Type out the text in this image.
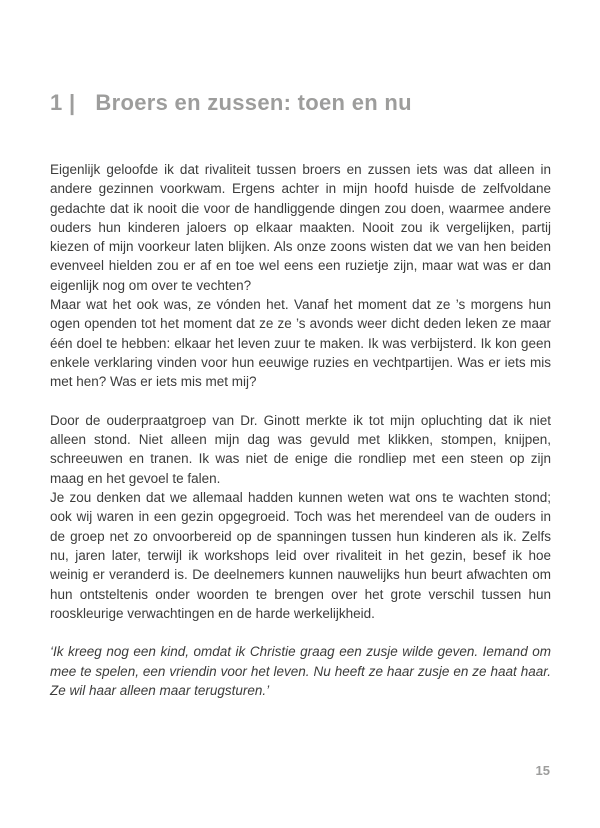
1 | Broers en zussen: toen en nu

Eigenlijk geloofde ik dat rivaliteit tussen broers en zussen iets was dat alleen in andere gezinnen voorkwam. Ergens achter in mijn hoofd huisde de zelfvoldane gedachte dat ik nooit die voor de handliggende dingen zou doen, waarmee andere ouders hun kinderen jaloers op elkaar maakten. Nooit zou ik vergelijken, partij kiezen of mijn voorkeur laten blijken. Als onze zoons wisten dat we van hen beiden evenveel hielden zou er af en toe wel eens een ruzietje zijn, maar wat was er dan eigenlijk nog om over te vechten?

Maar wat het ook was, ze vónden het. Vanaf het moment dat ze ’s morgens hun ogen openden tot het moment dat ze ze ’s avonds weer dicht deden leken ze maar één doel te hebben: elkaar het leven zuur te maken. Ik was verbijsterd. Ik kon geen enkele verklaring vinden voor hun eeuwige ruzies en vechtpartijen. Was er iets mis met hen? Was er iets mis met mij?

Door de ouderpraatgroep van Dr. Ginott merkte ik tot mijn opluchting dat ik niet alleen stond. Niet alleen mijn dag was gevuld met klikken, stompen, knijpen, schreeuwen en tranen. Ik was niet de enige die rondliep met een steen op zijn maag en het gevoel te falen.

Je zou denken dat we allemaal hadden kunnen weten wat ons te wachten stond; ook wij waren in een gezin opgegroeid. Toch was het merendeel van de ouders in de groep net zo onvoorbereid op de spanningen tussen hun kinderen als ik. Zelfs nu, jaren later, terwijl ik workshops leid over rivaliteit in het gezin, besef ik hoe weinig er veranderd is. De deelnemers kunnen nauwelijks hun beurt afwachten om hun ontsteltenis onder woorden te brengen over het grote verschil tussen hun rooskleurige verwachtingen en de harde werkelijkheid.

‘Ik kreeg nog een kind, omdat ik Christie graag een zusje wilde geven. Iemand om mee te spelen, een vriendin voor het leven. Nu heeft ze haar zusje en ze haat haar. Ze wil haar alleen maar terugsturen.’

15
